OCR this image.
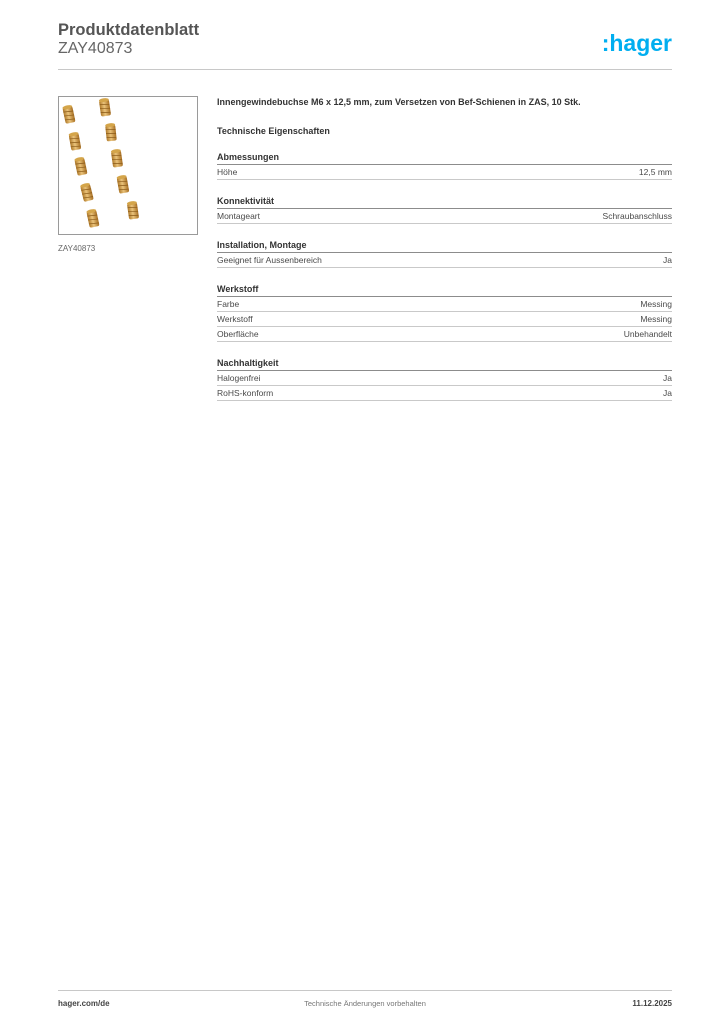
Produktdatenblatt
ZAY40873	:hager
ZAY40873

Innengewindebuchse M6 x 12,5 mm, zum Versetzen von Bef-Schienen in ZAS, 10 Stk.

Technische Eigenschaften
Abmessungen
Höhe	12,5 mm
Konnektivität
Montageart	Schraubanschluss
Installation, Montage
Geeignet für Aussenbereich	Ja
Werkstoff
Farbe	Messing
Werkstoff	Messing
Oberfläche	Unbehandelt
Nachhaltigkeit
Halogenfrei	Ja
RoHS-konform	Ja
hager.com/de	Technische Änderungen vorbehalten	11.12.2025
